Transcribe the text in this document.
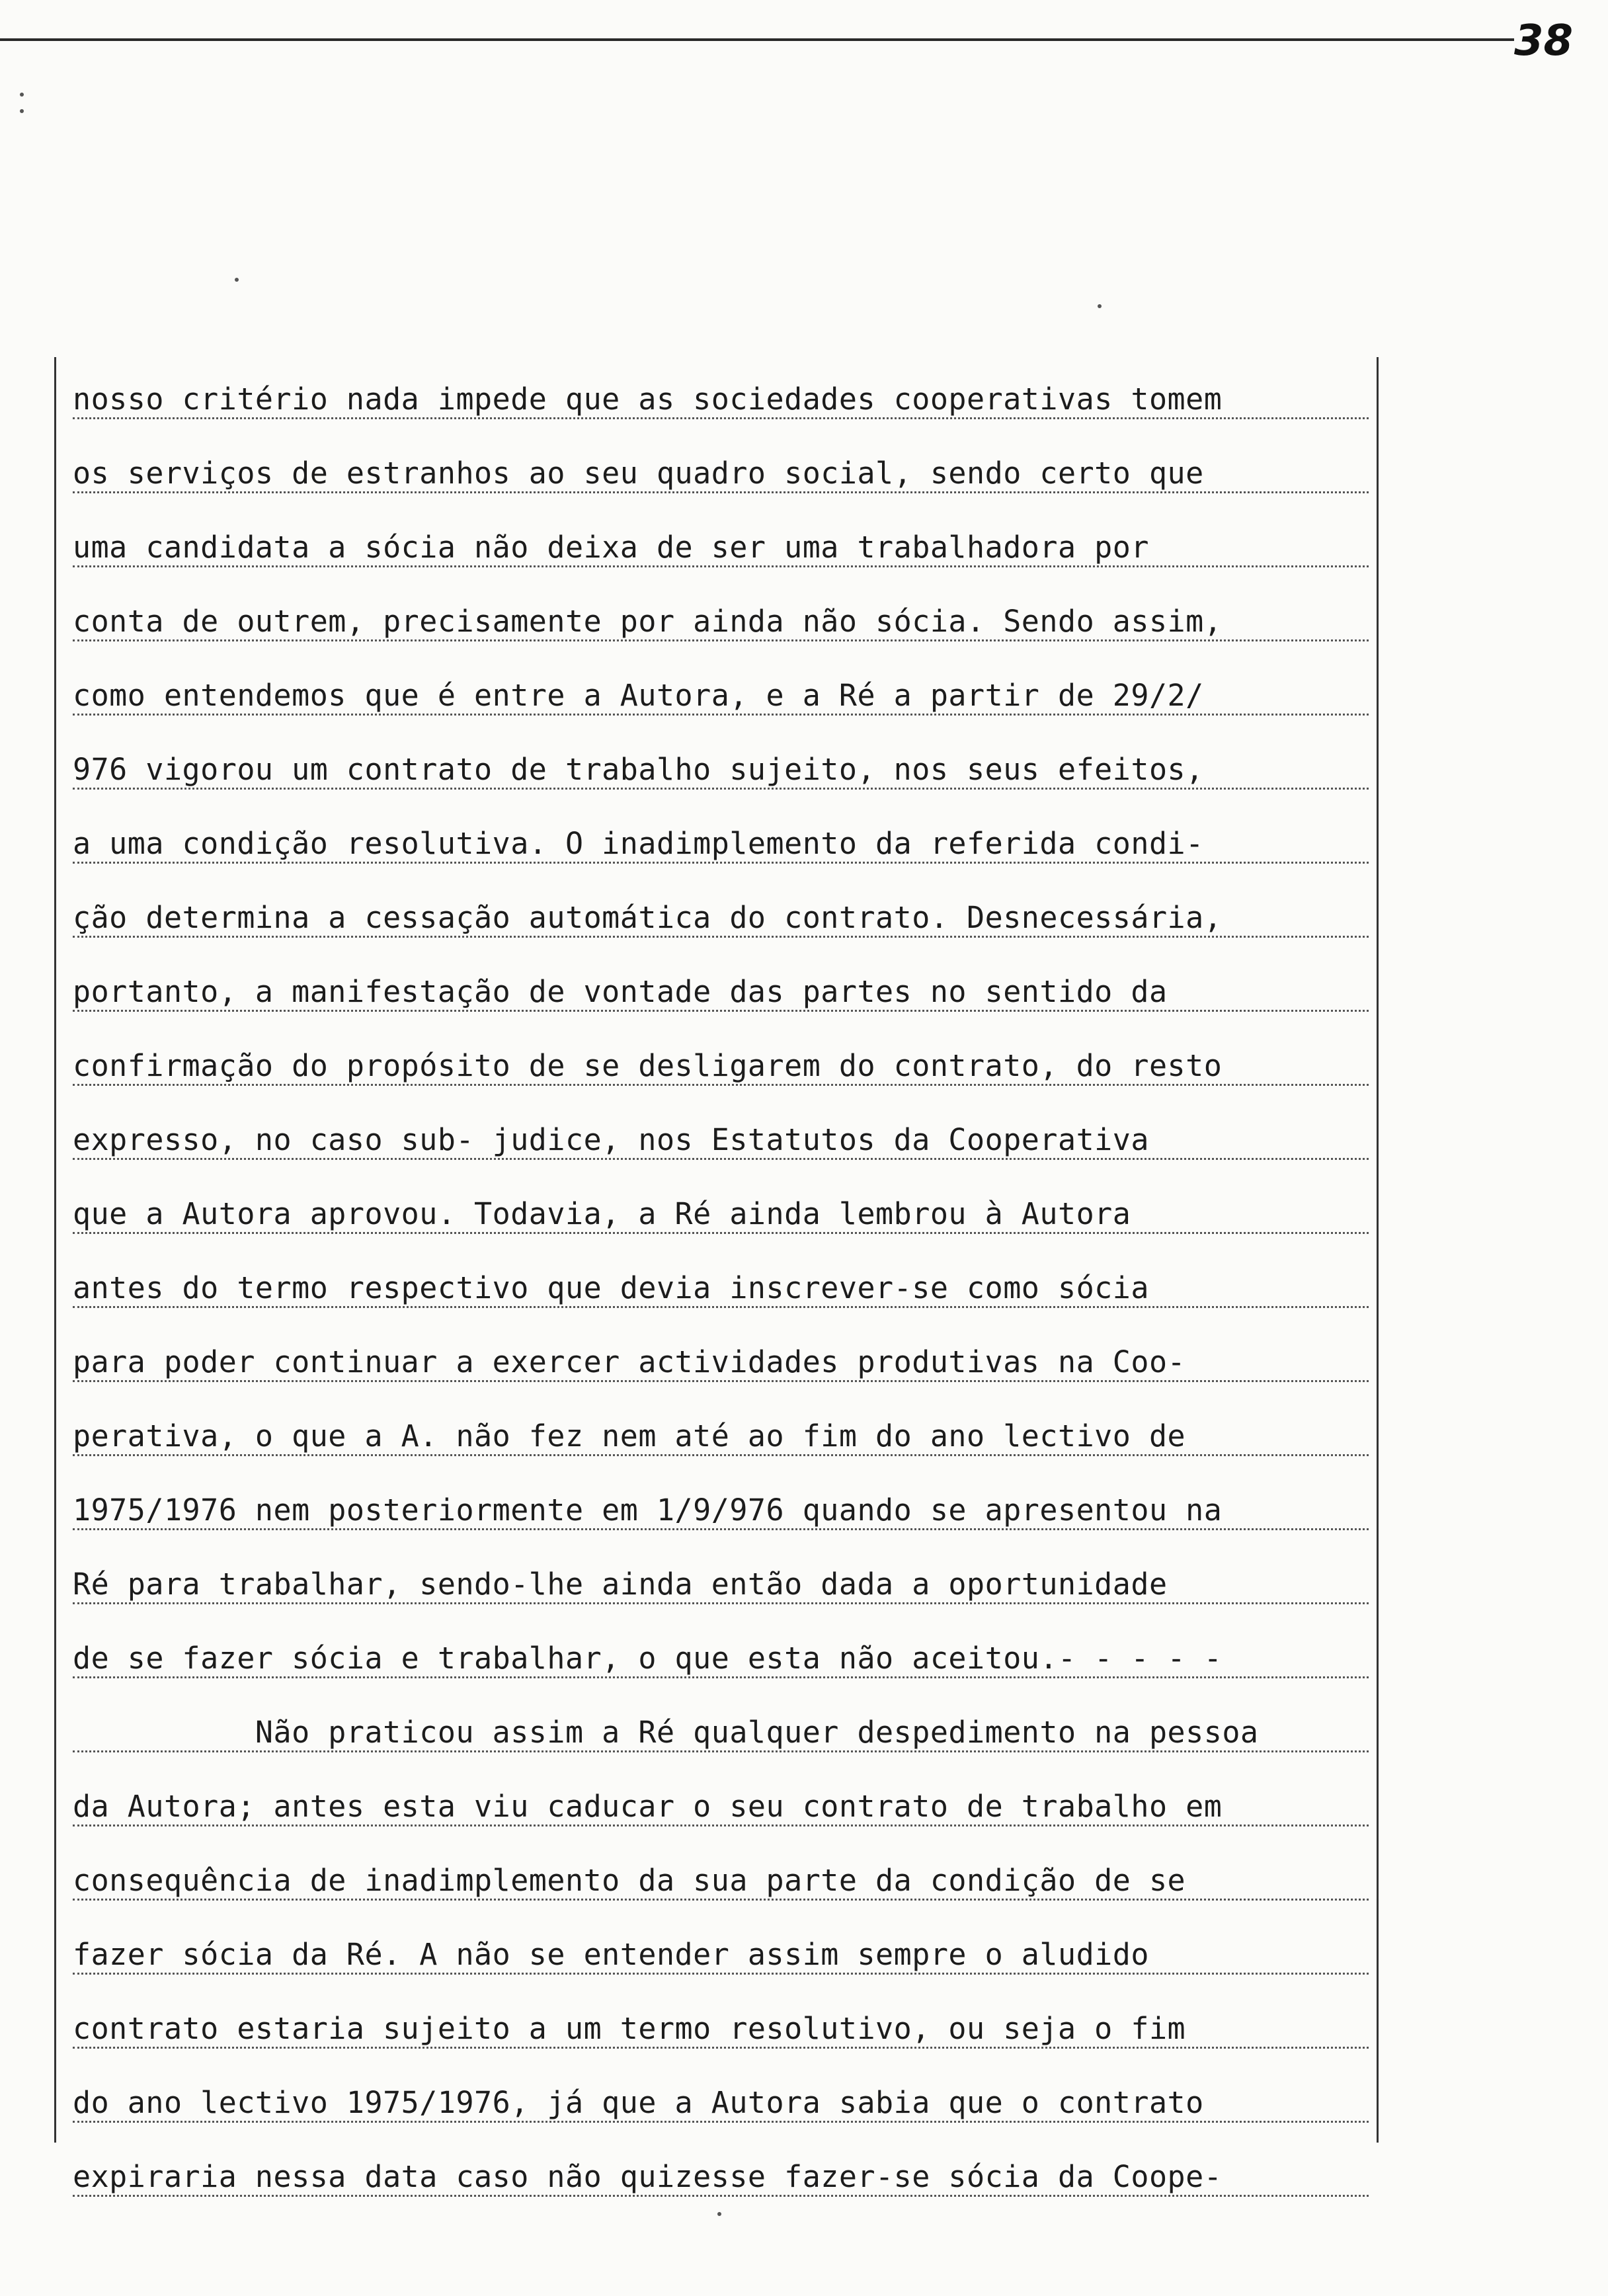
38
nosso critério nada impede que as sociedades cooperativas tomem
os serviços de estranhos ao seu quadro social, sendo certo que
uma candidata a sócia não deixa de ser uma trabalhadora por
conta de outrem, precisamente por ainda não sócia. Sendo assim,
como entendemos que é entre a Autora, e a Ré a partir de 29/2/
976 vigorou um contrato de trabalho sujeito, nos seus efeitos,
a uma condição resolutiva. O inadimplemento da referida condi-
ção determina a cessação automática do contrato. Desnecessária,
portanto, a manifestação de vontade das partes no sentido da
confirmação do propósito de se desligarem do contrato, do resto
expresso, no caso sub- judice, nos Estatutos da Cooperativa
que a Autora aprovou. Todavia, a Ré ainda lembrou à Autora
antes do termo respectivo que devia inscrever-se como sócia
para poder continuar a exercer actividades produtivas na Coo-
perativa, o que a A. não fez nem até ao fim do ano lectivo de
1975/1976 nem posteriormente em 1/9/976 quando se apresentou na
Ré para trabalhar, sendo-lhe ainda então dada a oportunidade
de se fazer sócia e trabalhar, o que esta não aceitou.- - - - -
Não praticou assim a Ré qualquer despedimento na pessoa
da Autora; antes esta viu caducar o seu contrato de trabalho em
consequência de inadimplemento da sua parte da condição de se
fazer sócia da Ré. A não se entender assim sempre o aludido
contrato estaria sujeito a um termo resolutivo, ou seja o fim
do ano lectivo 1975/1976, já que a Autora sabia que o contrato
expiraria nessa data caso não quizesse fazer-se sócia da Coope-
